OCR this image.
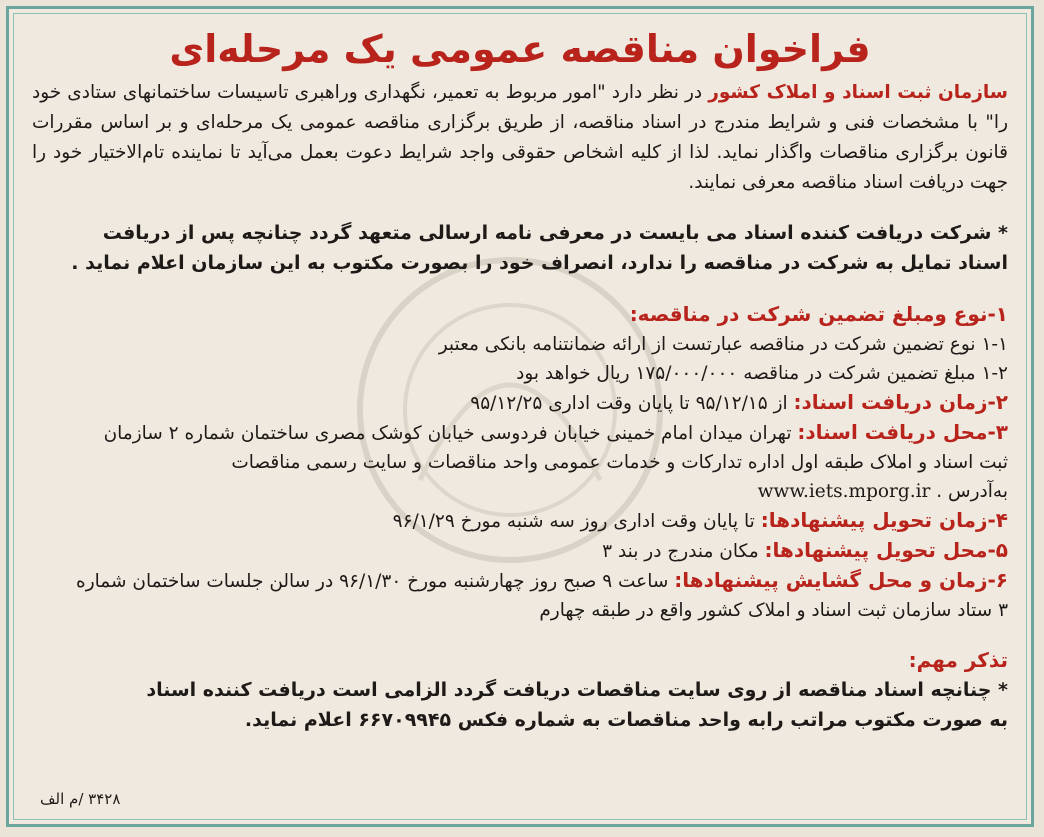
فراخوان مناقصه عمومی یک مرحله‌ای
سازمان ثبت اسناد و املاک کشور در نظر دارد "امور مربوط به تعمیر، نگهداری وراهبری تاسیسات ساختمانهای ستادی خود را" با مشخصات فنی و شرایط مندرج در اسناد مناقصه، از طریق برگزاری مناقصه عمومی یک مرحله‌ای و بر اساس مقررات قانون برگزاری مناقصات واگذار نماید. لذا از کلیه اشخاص حقوقی واجد شرایط دعوت بعمل می‌آید تا نماینده تام‌الاختیار خود را جهت دریافت اسناد مناقصه معرفی نمایند.
* شرکت دریافت کننده اسناد می بایست در معرفی نامه ارسالی متعهد گردد چنانچه پس از دریافت
اسناد تمایل به شرکت در مناقصه را ندارد، انصراف خود را بصورت مکتوب به این سازمان اعلام نماید .
۱-نوع ومبلغ تضمین شرکت در مناقصه:
۱-۱ نوع تضمین شرکت در مناقصه عبارتست از ارائه ضمانتنامه بانکی معتبر
۱-۲ مبلغ تضمین شرکت در مناقصه ۱۷۵/۰۰۰/۰۰۰ ریال خواهد بود
۲-زمان دریافت اسناد: از ۹۵/۱۲/۱۵ تا پایان وقت اداری ۹۵/۱۲/۲۵
۳-محل دریافت اسناد: تهران میدان امام خمینی خیابان فردوسی خیابان کوشک مصری ساختمان شماره ۲ سازمان
ثبت اسناد و املاک طبقه اول اداره تدارکات و خدمات عمومی واحد مناقصات و سایت رسمی مناقصات
به‌آدرس . www.iets.mporg.ir
۴-زمان تحویل پیشنهادها: تا پایان وقت اداری روز سه شنبه مورخ ۹۶/۱/۲۹
۵-محل تحویل پیشنهادها: مکان مندرج در بند ۳
۶-زمان و محل گشایش پیشنهادها: ساعت ۹ صبح روز چهارشنبه مورخ ۹۶/۱/۳۰ در سالن جلسات ساختمان شماره
۳ ستاد سازمان ثبت اسناد و املاک کشور واقع در طبقه چهارم
تذکر مهم:
* چنانچه اسناد مناقصه از روی سایت مناقصات دریافت گردد الزامی است دریافت کننده اسناد
به صورت مکتوب مراتب رابه واحد مناقصات به شماره فکس ۶۶۷۰۹۹۴۵ اعلام نماید.
۳۴۲۸ /م الف
